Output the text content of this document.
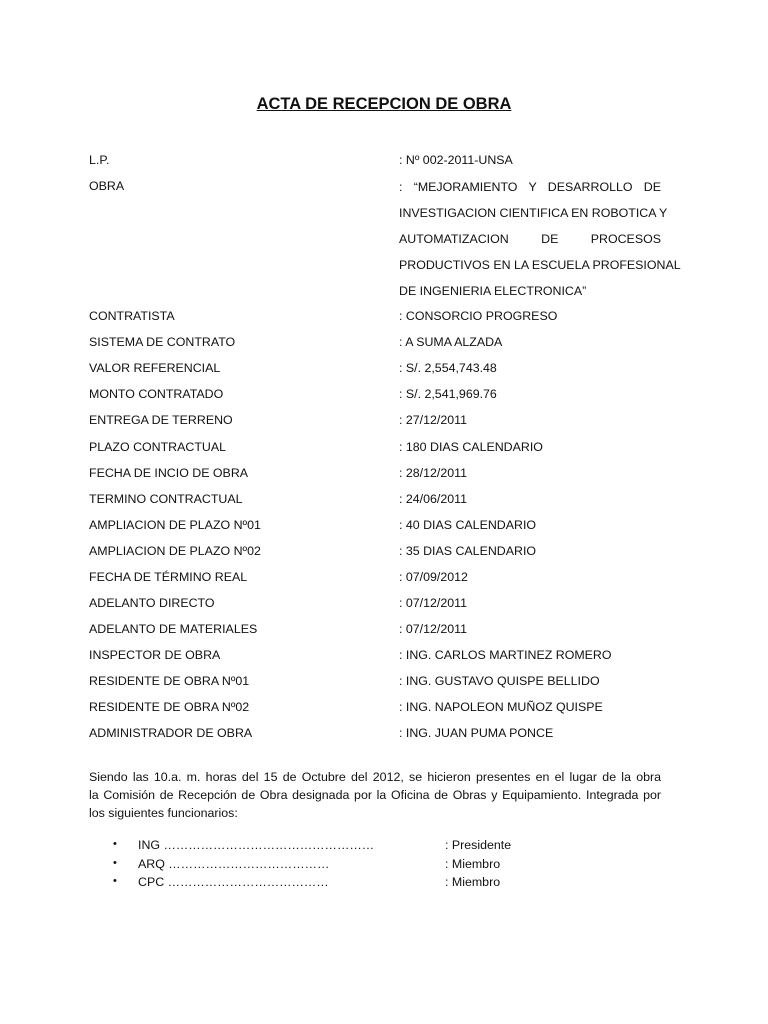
ACTA DE RECEPCION DE OBRA
L.P.	: Nº 002-2011-UNSA
OBRA	: “MEJORAMIENTO Y DESARROLLO DE
INVESTIGACION CIENTIFICA EN ROBOTICA Y
AUTOMATIZACION DE PROCESOS
PRODUCTIVOS EN LA ESCUELA PROFESIONAL
DE INGENIERIA ELECTRONICA”
CONTRATISTA	: CONSORCIO PROGRESO
SISTEMA DE CONTRATO	: A SUMA ALZADA
VALOR REFERENCIAL	: S/. 2,554,743.48
MONTO CONTRATADO	: S/. 2,541,969.76
ENTREGA DE TERRENO	: 27/12/2011
PLAZO CONTRACTUAL	: 180 DIAS CALENDARIO
FECHA DE INCIO DE OBRA	: 28/12/2011
TERMINO CONTRACTUAL	: 24/06/2011
AMPLIACION DE PLAZO Nº01	: 40 DIAS CALENDARIO
AMPLIACION DE PLAZO Nº02	: 35 DIAS CALENDARIO
FECHA DE TÉRMINO REAL	: 07/09/2012
ADELANTO DIRECTO	: 07/12/2011
ADELANTO DE MATERIALES	: 07/12/2011
INSPECTOR DE OBRA	: ING. CARLOS MARTINEZ ROMERO
RESIDENTE DE OBRA Nº01	: ING. GUSTAVO QUISPE BELLIDO
RESIDENTE DE OBRA Nº02	: ING. NAPOLEON MUÑOZ QUISPE
ADMINISTRADOR DE OBRA	: ING. JUAN PUMA PONCE
Siendo las 10.a. m. horas del 15 de Octubre del 2012, se hicieron presentes en el lugar de la obra
la Comisión de Recepción de Obra designada por la Oficina de Obras y Equipamiento. Integrada por
los siguientes funcionarios:
• ING ……………………………………………	: Presidente
• ARQ …………………………………	: Miembro
• CPC …………………………………	: Miembro
